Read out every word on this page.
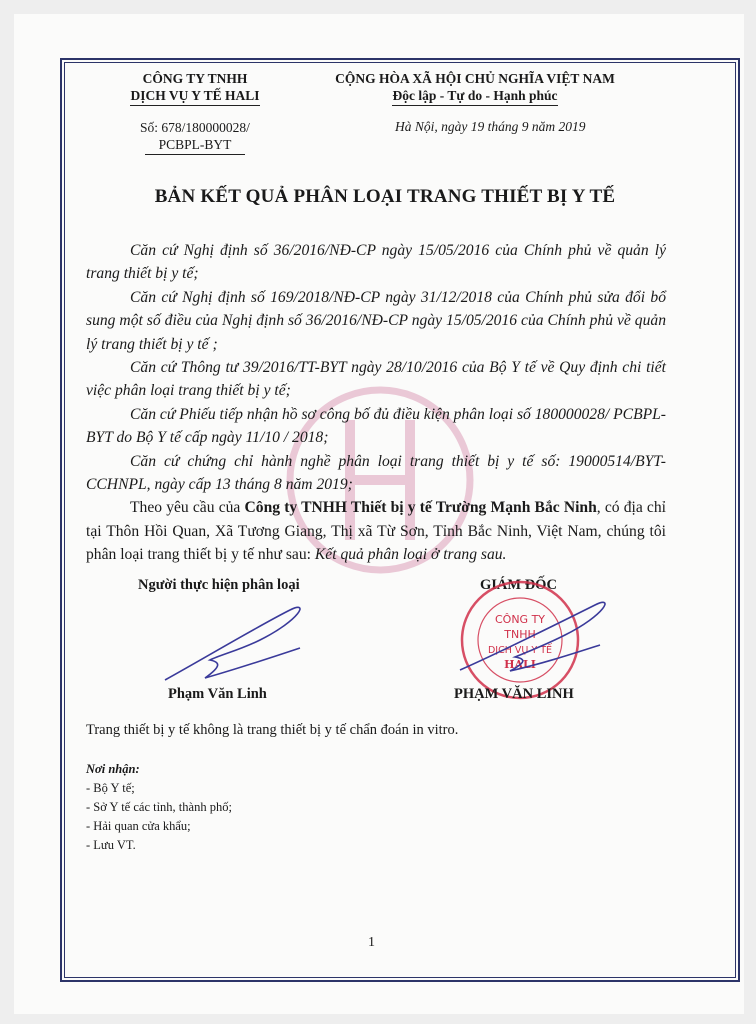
CÔNG TY TNHH
DỊCH VỤ Y TẾ HALI
Số: 678/180000028/
PCBPL-BYT
CỘNG HÒA XÃ HỘI CHỦ NGHĨA VIỆT NAM
Độc lập - Tự do - Hạnh phúc
Hà Nội, ngày 19 tháng 9 năm 2019
BẢN KẾT QUẢ PHÂN LOẠI TRANG THIẾT BỊ Y TẾ

Căn cứ Nghị định số 36/2016/NĐ-CP ngày 15/05/2016 của Chính phủ về quản lý trang thiết bị y tế;

Căn cứ Nghị định số 169/2018/NĐ-CP ngày 31/12/2018 của Chính phủ sửa đổi bổ sung một số điều của Nghị định số 36/2016/NĐ-CP ngày 15/05/2016 của Chính phủ về quản lý trang thiết bị y tế ;

Căn cứ Thông tư 39/2016/TT-BYT ngày 28/10/2016 của Bộ Y tế về Quy định chi tiết việc phân loại trang thiết bị y tế;

Căn cứ Phiếu tiếp nhận hồ sơ công bố đủ điều kiện phân loại số 180000028/ PCBPL-BYT do Bộ Y tế cấp ngày 11/10 / 2018;

Căn cứ chứng chỉ hành nghề phân loại trang thiết bị y tế số: 19000514/BYT-CCHNPL, ngày cấp 13 tháng 8 năm 2019;

Theo yêu cầu của Công ty TNHH Thiết bị y tế Trường Mạnh Bắc Ninh, có địa chỉ tại Thôn Hồi Quan, Xã Tương Giang, Thị xã Từ Sơn, Tỉnh Bắc Ninh, Việt Nam, chúng tôi phân loại trang thiết bị y tế như sau: Kết quả phân loại ở trang sau.

Người thực hiện phân loại	GIÁM ĐỐC
CÔNG TY
TNHH
DỊCH VỤ Y TẾ
HALI
Phạm Văn Linh	PHẠM VĂN LINH
Trang thiết bị y tế không là trang thiết bị y tế chẩn đoán in vitro.
Nơi nhận:
- Bộ Y tế;
- Sở Y tế các tỉnh, thành phố;
- Hải quan cửa khẩu;
- Lưu VT.
1
